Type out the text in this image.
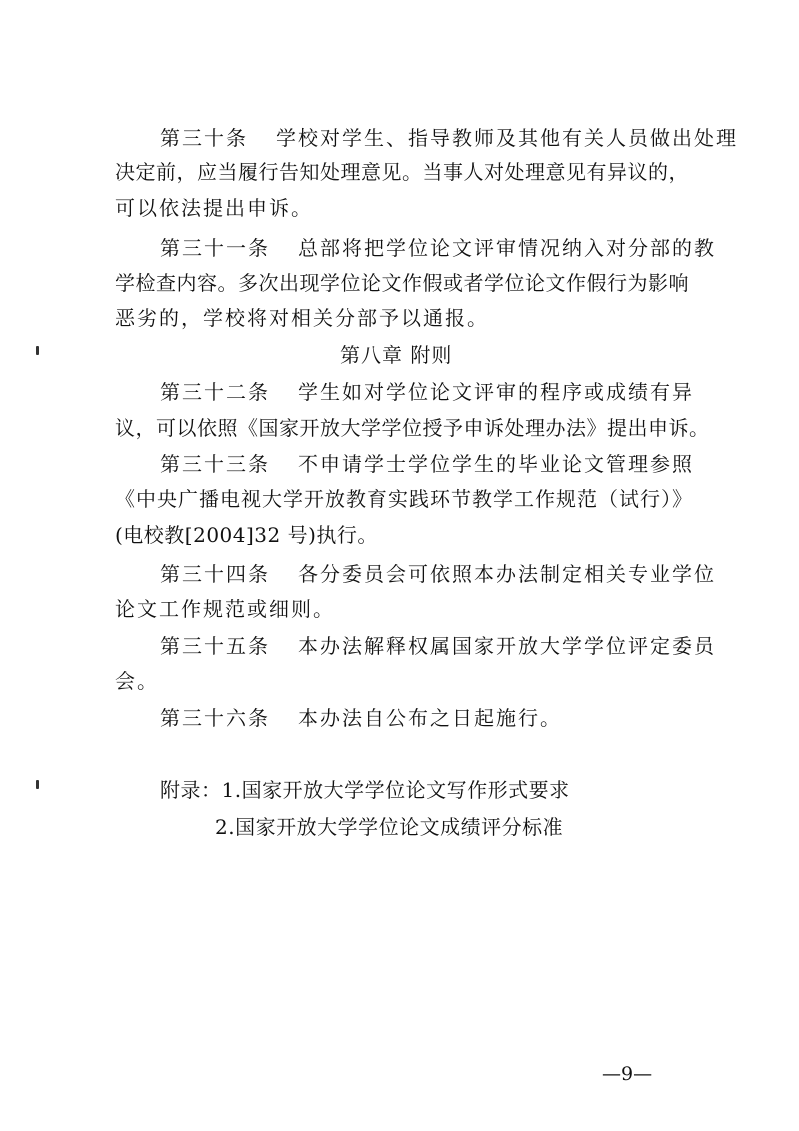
第三十条 学校对学生、指导教师及其他有关人员做出处理
决定前，应当履行告知处理意见。当事人对处理意见有异议的，
可以依法提出申诉。
第三十一条 总部将把学位论文评审情况纳入对分部的教
学检查内容。多次出现学位论文作假或者学位论文作假行为影响
恶劣的，学校将对相关分部予以通报。
第八章 附则
第三十二条 学生如对学位论文评审的程序或成绩有异
议，可以依照《国家开放大学学位授予申诉处理办法》提出申诉。
第三十三条 不申请学士学位学生的毕业论文管理参照
《中央广播电视大学开放教育实践环节教学工作规范（试行）》
(电校教[2004]32 号)执行。
第三十四条 各分委员会可依照本办法制定相关专业学位
论文工作规范或细则。
第三十五条 本办法解释权属国家开放大学学位评定委员
会。
第三十六条 本办法自公布之日起施行。
附录：1.国家开放大学学位论文写作形式要求
2.国家开放大学学位论文成绩评分标准
—9—
